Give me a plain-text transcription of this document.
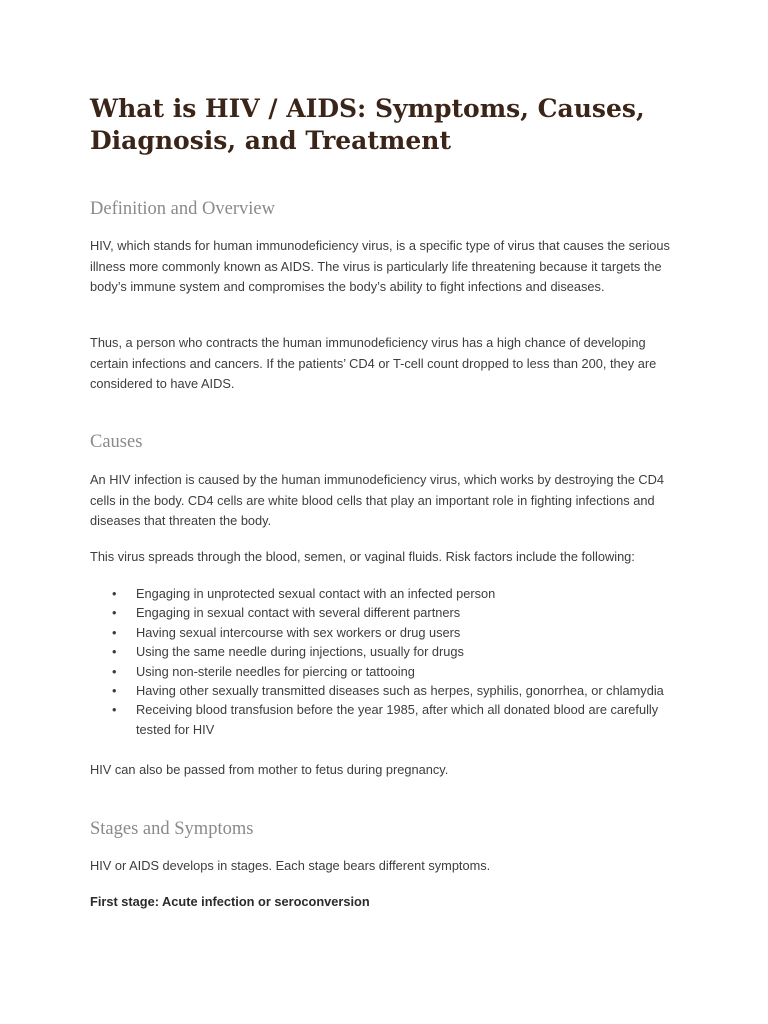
What is HIV / AIDS: Symptoms, Causes, Diagnosis, and Treatment
Definition and Overview

HIV, which stands for human immunodeficiency virus, is a specific type of virus that causes the serious illness more commonly known as AIDS. The virus is particularly life threatening because it targets the body’s immune system and compromises the body’s ability to fight infections and diseases.

Thus, a person who contracts the human immunodeficiency virus has a high chance of developing certain infections and cancers. If the patients’ CD4 or T-cell count dropped to less than 200, they are considered to have AIDS.

Causes

An HIV infection is caused by the human immunodeficiency virus, which works by destroying the CD4 cells in the body. CD4 cells are white blood cells that play an important role in fighting infections and diseases that threaten the body.

This virus spreads through the blood, semen, or vaginal fluids. Risk factors include the following:

• Engaging in unprotected sexual contact with an infected person
• Engaging in sexual contact with several different partners
• Having sexual intercourse with sex workers or drug users
• Using the same needle during injections, usually for drugs
• Using non-sterile needles for piercing or tattooing
• Having other sexually transmitted diseases such as herpes, syphilis, gonorrhea, or chlamydia
• Receiving blood transfusion before the year 1985, after which all donated blood are carefully tested for HIV

HIV can also be passed from mother to fetus during pregnancy.

Stages and Symptoms

HIV or AIDS develops in stages. Each stage bears different symptoms.

First stage: Acute infection or seroconversion
